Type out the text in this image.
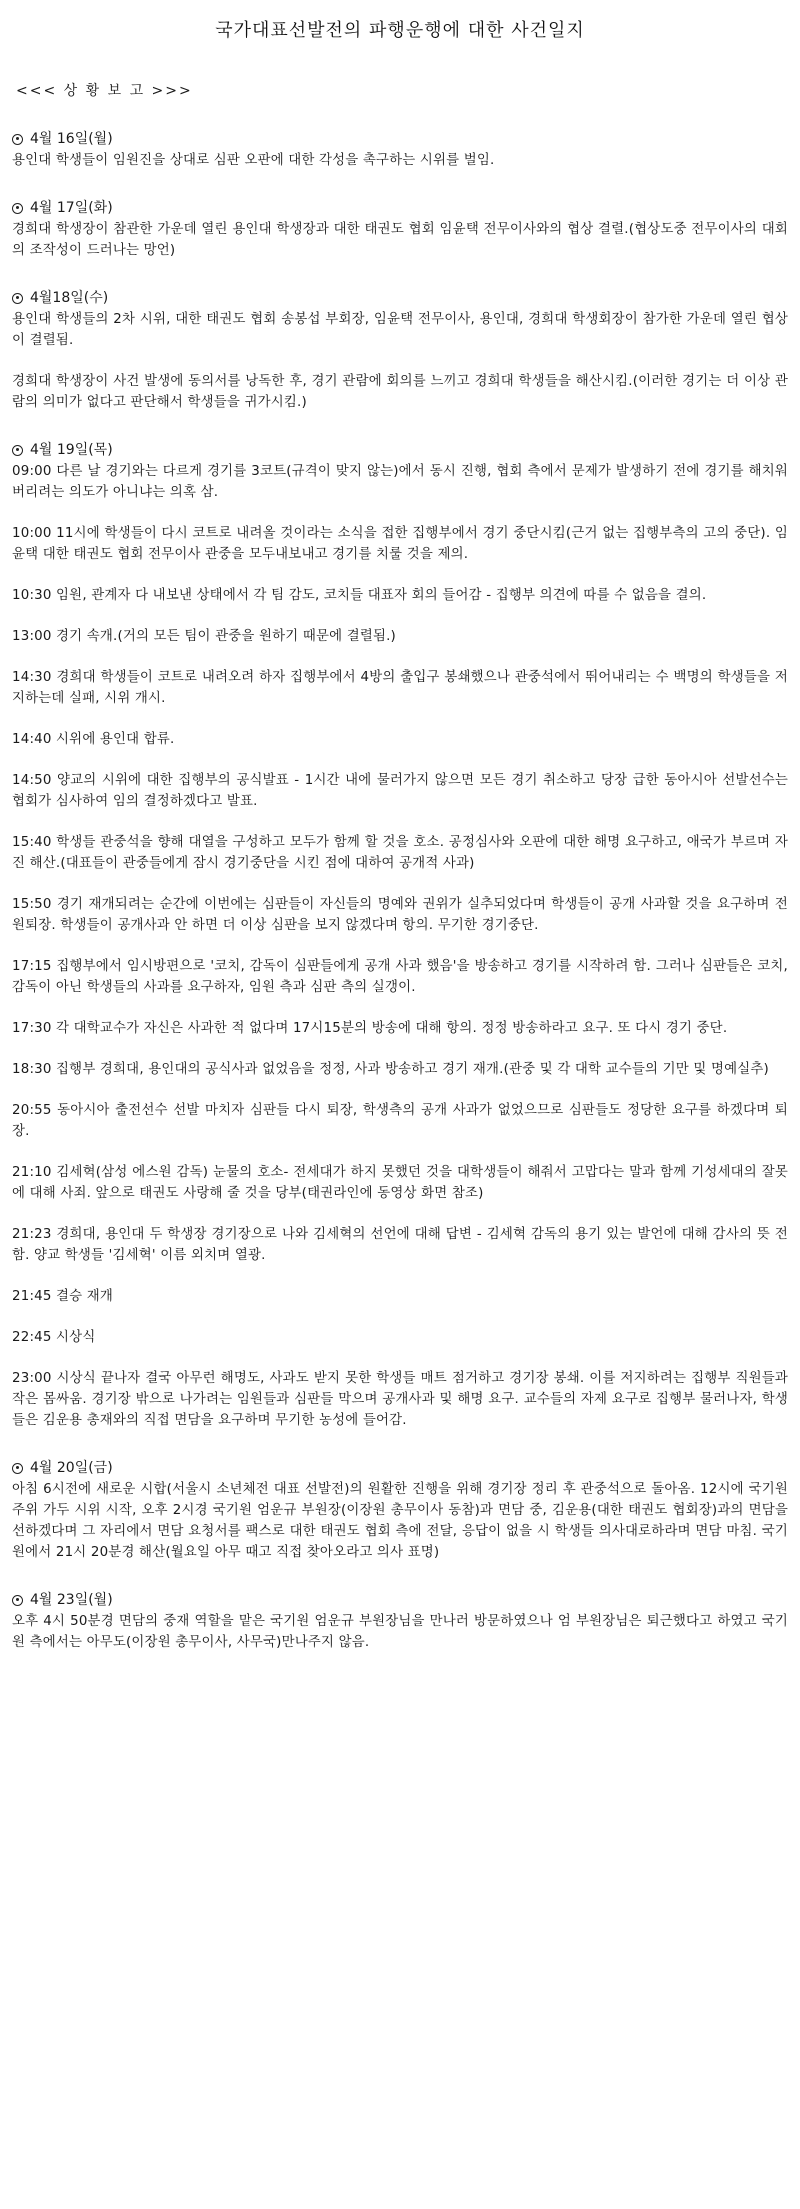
국가대표선발전의 파행운행에 대한 사건일지
<<< 상 황 보 고 >>>
4월 16일(월)
용인대 학생들이 임원진을 상대로 심판 오판에 대한 각성을 촉구하는 시위를 벌임.
4월 17일(화)
경희대 학생장이 참관한 가운데 열린 용인대 학생장과 대한 태권도 협회 임윤택 전무이사와의 협상 결렬.(협상도중 전무이사의 대회의 조작성이 드러나는 망언)
4월18일(수)
용인대 학생들의 2차 시위, 대한 태권도 협회 송봉섭 부회장, 임윤택 전무이사, 용인대, 경희대 학생회장이 참가한 가운데 열린 협상이 결렬됨.
경희대 학생장이 사건 발생에 동의서를 낭독한 후, 경기 관람에 회의를 느끼고 경희대 학생들을 해산시킴.(이러한 경기는 더 이상 관람의 의미가 없다고 판단해서 학생들을 귀가시킴.)
4월 19일(목)
09:00 다른 날 경기와는 다르게 경기를 3코트(규격이 맞지 않는)에서 동시 진행, 협회 측에서 문제가 발생하기 전에 경기를 해치워 버리려는 의도가 아니냐는 의혹 삼.
10:00 11시에 학생들이 다시 코트로 내려올 것이라는 소식을 접한 집행부에서 경기 중단시킴(근거 없는 집행부측의 고의 중단). 임윤택 대한 태권도 협회 전무이사 관중을 모두내보내고 경기를 치룰 것을 제의.
10:30 임원, 관계자 다 내보낸 상태에서 각 팀 감도, 코치들 대표자 회의 들어감 - 집행부 의견에 따를 수 없음을 결의.
13:00 경기 속개.(거의 모든 팀이 관중을 원하기 때문에 결렬됨.)
14:30 경희대 학생들이 코트로 내려오려 하자 집행부에서 4방의 출입구 봉쇄했으나 관중석에서 뛰어내리는 수 백명의 학생들을 저지하는데 실패, 시위 개시.
14:40 시위에 용인대 합류.
14:50 양교의 시위에 대한 집행부의 공식발표 - 1시간 내에 물러가지 않으면 모든 경기 취소하고 당장 급한 동아시아 선발선수는 협회가 심사하여 임의 결정하겠다고 발표.
15:40 학생들 관중석을 향해 대열을 구성하고 모두가 함께 할 것을 호소. 공정심사와 오판에 대한 해명 요구하고, 애국가 부르며 자진 해산.(대표들이 관중들에게 잠시 경기중단을 시킨 점에 대하여 공개적 사과)
15:50 경기 재개되려는 순간에 이번에는 심판들이 자신들의 명예와 권위가 실추되었다며 학생들이 공개 사과할 것을 요구하며 전원퇴장. 학생들이 공개사과 안 하면 더 이상 심판을 보지 않겠다며 항의. 무기한 경기중단.
17:15 집행부에서 임시방편으로 '코치, 감독이 심판들에게 공개 사과 했음'을 방송하고 경기를 시작하려 함. 그러나 심판들은 코치, 감독이 아닌 학생들의 사과를 요구하자, 임원 측과 심판 측의 실갱이.
17:30 각 대학교수가 자신은 사과한 적 없다며 17시15분의 방송에 대해 항의. 정정 방송하라고 요구. 또 다시 경기 중단.
18:30 집행부 경희대, 용인대의 공식사과 없었음을 정정, 사과 방송하고 경기 재개.(관중 및 각 대학 교수들의 기만 및 명예실추)
20:55 동아시아 출전선수 선발 마치자 심판들 다시 퇴장, 학생측의 공개 사과가 없었으므로 심판들도 정당한 요구를 하겠다며 퇴장.
21:10 김세혁(삼성 에스원 감독) 눈물의 호소- 전세대가 하지 못했던 것을 대학생들이 해줘서 고맙다는 말과 함께 기성세대의 잘못에 대해 사죄. 앞으로 태권도 사랑해 줄 것을 당부(태권라인에 동영상 화면 참조)
21:23 경희대, 용인대 두 학생장 경기장으로 나와 김세혁의 선언에 대해 답변 - 김세혁 감독의 용기 있는 발언에 대해 감사의 뜻 전함. 양교 학생들 '김세혁' 이름 외치며 열광.
21:45 결승 재개
22:45 시상식
23:00 시상식 끝나자 결국 아무런 해명도, 사과도 받지 못한 학생들 매트 점거하고 경기장 봉쇄. 이를 저지하려는 집행부 직원들과 작은 몸싸움. 경기장 밖으로 나가려는 임원들과 심판들 막으며 공개사과 및 해명 요구. 교수들의 자제 요구로 집행부 물러나자, 학생들은 김운용 총재와의 직접 면담을 요구하며 무기한 농성에 들어감.
4월 20일(금)
아침 6시전에 새로운 시합(서울시 소년체전 대표 선발전)의 원활한 진행을 위해 경기장 정리 후 관중석으로 돌아옴. 12시에 국기원 주위 가두 시위 시작, 오후 2시경 국기원 엄운규 부원장(이장원 총무이사 동참)과 면담 중, 김운용(대한 태권도 협회장)과의 면담을 선하겠다며 그 자리에서 면담 요청서를 팩스로 대한 태권도 협회 측에 전달, 응답이 없을 시 학생들 의사대로하라며 면담 마침. 국기원에서 21시 20분경 해산(월요일 아무 때고 직접 찾아오라고 의사 표명)
4월 23일(월)
오후 4시 50분경 면담의 중재 역할을 맡은 국기원 엄운규 부원장님을 만나러 방문하였으나 엄 부원장님은 퇴근했다고 하였고 국기원 측에서는 아무도(이장원 총무이사, 사무국)만나주지 않음.
